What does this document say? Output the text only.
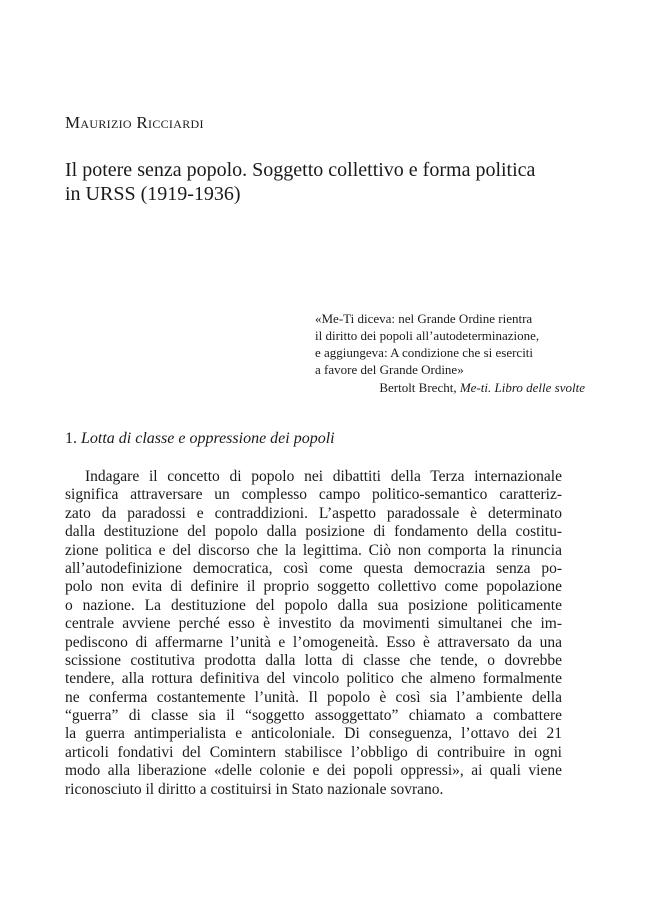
Maurizio Ricciardi
Il potere senza popolo. Soggetto collettivo e forma politica
in URSS (1919-1936)
«Me-Ti diceva: nel Grande Ordine rientra
il diritto dei popoli all’autodeterminazione,
e aggiungeva: A condizione che si eserciti
a favore del Grande Ordine»
Bertolt Brecht, Me-ti. Libro delle svolte
1. Lotta di classe e oppressione dei popoli
Indagare il concetto di popolo nei dibattiti della Terza internazionale
significa attraversare un complesso campo politico-semantico caratteriz-
zato da paradossi e contraddizioni. L’aspetto paradossale è determinato
dalla destituzione del popolo dalla posizione di fondamento della costitu-
zione politica e del discorso che la legittima. Ciò non comporta la rinuncia
all’autodefinizione democratica, così come questa democrazia senza po-
polo non evita di definire il proprio soggetto collettivo come popolazione
o nazione. La destituzione del popolo dalla sua posizione politicamente
centrale avviene perché esso è investito da movimenti simultanei che im-
pediscono di affermarne l’unità e l’omogeneità. Esso è attraversato da una
scissione costitutiva prodotta dalla lotta di classe che tende, o dovrebbe
tendere, alla rottura definitiva del vincolo politico che almeno formalmente
ne conferma costantemente l’unità. Il popolo è così sia l’ambiente della
“guerra” di classe sia il “soggetto assoggettato” chiamato a combattere
la guerra antimperialista e anticoloniale. Di conseguenza, l’ottavo dei 21
articoli fondativi del Comintern stabilisce l’obbligo di contribuire in ogni
modo alla liberazione «delle colonie e dei popoli oppressi», ai quali viene
riconosciuto il diritto a costituirsi in Stato nazionale sovrano.
